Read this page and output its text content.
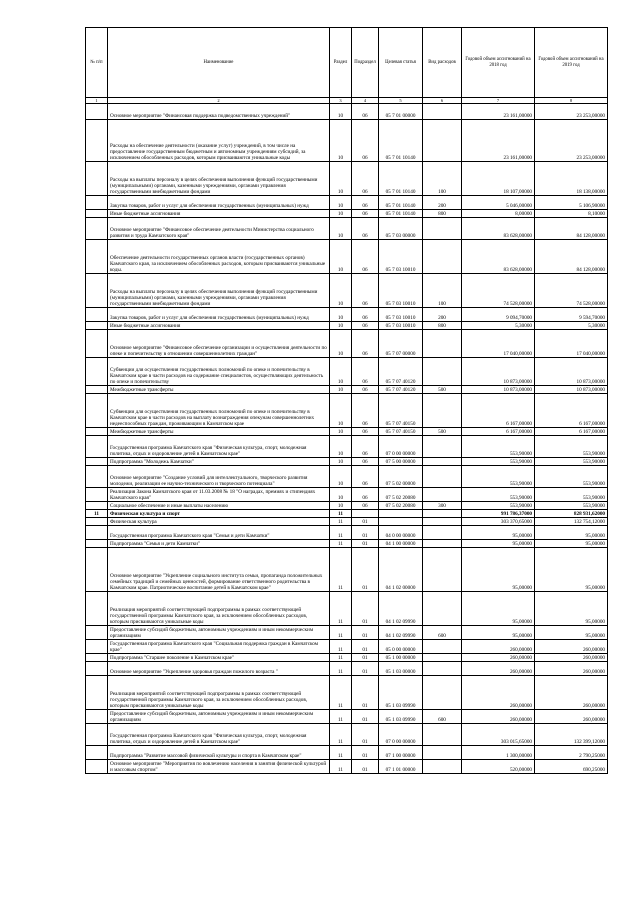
№ п/п	Наименование	Раздел	Подраздел	Целевая статья	Вид расходов	Годовой объем ассигнований на 2018 год	Годовой объем ассигнований на 2019 год
1	2	3	4	5	6	7	8
	Основное мероприятие "Финансовая поддержка подведомственных учреждений"	10	06	05 7 01 00000		23 161,00000	23 253,00000
	Расходы на обеспечение деятельности (оказание услуг) учреждений, в том числе на предоставление государственным бюджетным и автономным учреждениям субсидий, за исключением обособленных расходов, которым присваиваются уникальные коды	10	06	05 7 01 10140		23 161,00000	23 253,00000
	Расходы на выплаты персоналу в целях обеспечения выполнения функций государственными (муниципальными) органами, казенными учреждениями, органами управления государственными внебюджетными фондами	10	06	05 7 01 10140	100	18 107,00000	18 138,00000
	Закупка товаров, работ и услуг для обеспечения государственных (муниципальных) нужд	10	06	05 7 01 10140	200	5 046,00000	5 106,90000
	Иные бюджетные ассигнования	10	06	05 7 01 10140	800	8,00000	8,10000
	Основное мероприятие "Финансовое обеспечение деятельности Министерства социального развития и труда Камчатского края"	10	06	05 7 03 00000		83 628,00000	84 128,00000
	Обеспечение деятельности государственных органов власти (государственных органов) Камчатского края, за исключением обособленных расходов, которым присваиваются уникальные коды.	10	06	05 7 03 10010		83 628,00000	84 128,00000
	Расходы на выплаты персоналу в целях обеспечения выполнения функций государственными (муниципальными) органами, казенными учреждениями, органами управления государственными внебюджетными фондами	10	06	05 7 03 10010	100	74 528,00000	74 528,00000
	Закупка товаров, работ и услуг для обеспечения государственных (муниципальных) нужд	10	06	05 7 03 10010	200	9 094,70000	9 594,70000
	Иные бюджетные ассигнования	10	06	05 7 03 10010	800	5,30000	5,30000
	Основное мероприятие "Финансовое обеспечение организации и осуществления деятельности по опеке и попечительству в отношении совершеннолетних граждан"	10	06	05 7 07 00000		17 040,00000	17 040,00000
	Субвенции для осуществления государственных полномочий по опеке и попечительству в Камчатском крае в части расходов на содержание специалистов, осуществляющих деятельность по опеке и попечительству	10	06	05 7 07 40120		10 873,00000	10 873,00000
	Межбюджетные трансферты	10	06	05 7 07 40120	500	10 873,00000	10 873,00000
	Субвенции для осуществления государственных полномочий по опеке и попечительству в Камчатском крае в части расходов на выплату вознаграждения опекунам совершеннолетних недееспособных граждан, проживающим в Камчатском крае	10	06	05 7 07 40150		6 167,00000	6 167,00000
	Межбюджетные трансферты	10	06	05 7 07 40150	500	6 167,00000	6 167,00000
	Государственная программа Камчатского края "Физическая культура, спорт, молодежная политика, отдых и оздоровление детей в Камчатском крае"	10	06	07 0 00 00000		553,90000	553,90000
	Подпрограмма "Молодежь Камчатки"	10	06	07 5 00 00000		553,90000	553,90000
	Основное мероприятие "Создание условий для интеллектуального, творческого развития молодежи, реализации ее научно-технического и творческого потенциала"	10	06	07 5 02 00000		553,90000	553,90000
	Реализация Закона Камчатского края от 11.03.2008 № 18 "О наградах, премиях и стипендиях Камчатского края"	10	06	07 5 02 20080		553,90000	553,90000
	Социальное обеспечение и иные выплаты населению	10	06	07 5 02 20080	300	553,90000	553,90000
11	Физическая культура и спорт	11				991 786,37000	828 931,62000
	Физическая культура	11	01			303 370,65000	132 754,12000
	Государственная программа Камчатского края "Семья и дети Камчатки"	11	01	04 0 00 00000		95,00000	95,00000
	Подпрограмма "Семья и дети Камчатки"	11	01	04 1 00 00000		95,00000	95,00000
	Основное мероприятие "Укрепление социального института семьи, пропаганда положительных семейных традиций и семейных ценностей, формирование ответственного родительства в Камчатском крае. Патриотическое воспитание детей в Камчатском крае"	11	01	04 1 02 00000		95,00000	95,00000
	Реализация мероприятий соответствующей подпрограммы в рамках соответствующей государственной программы Камчатского края, за исключением обособленных расходов, которым присваиваются уникальные коды	11	01	04 1 02 09990		95,00000	95,00000
	Предоставление субсидий бюджетным, автономным учреждениям и иным некоммерческим организациям	11	01	04 1 02 09990	600	95,00000	95,00000
	Государственная программа Камчатского края "Социальная поддержка граждан в Камчатском крае"	11	01	05 0 00 00000		260,00000	260,00000
	Подпрограмма "Старшее поколение в Камчатском крае"	11	01	05 1 00 00000		260,00000	260,00000
	Основное мероприятие "Укрепление здоровья граждан пожилого возраста "	11	01	05 1 03 00000		260,00000	260,00000
	Реализация мероприятий соответствующей подпрограммы в рамках соответствующей государственной программы Камчатского края, за исключением обособленных расходов, которым присваиваются уникальные коды	11	01	05 1 03 09990		260,00000	260,00000
	Предоставление субсидий бюджетным, автономным учреждениям и иным некоммерческим организациям	11	01	05 1 03 09990	600	260,00000	260,00000
	Государственная программа Камчатского края "Физическая культура, спорт, молодежная политика, отдых и оздоровление детей в Камчатском крае"	11	01	07 0 00 00000		303 015,65000	132 399,12000
	Подпрограмма "Развитие массовой физической культуры и спорта в Камчатском крае"	11	01	07 1 00 00000		1 300,00000	2 790,25000
	Основное мероприятие "Мероприятия по вовлечению населения в занятия физической культурой и массовым спортом"	11	01	07 1 01 00000		520,00000	690,25000
